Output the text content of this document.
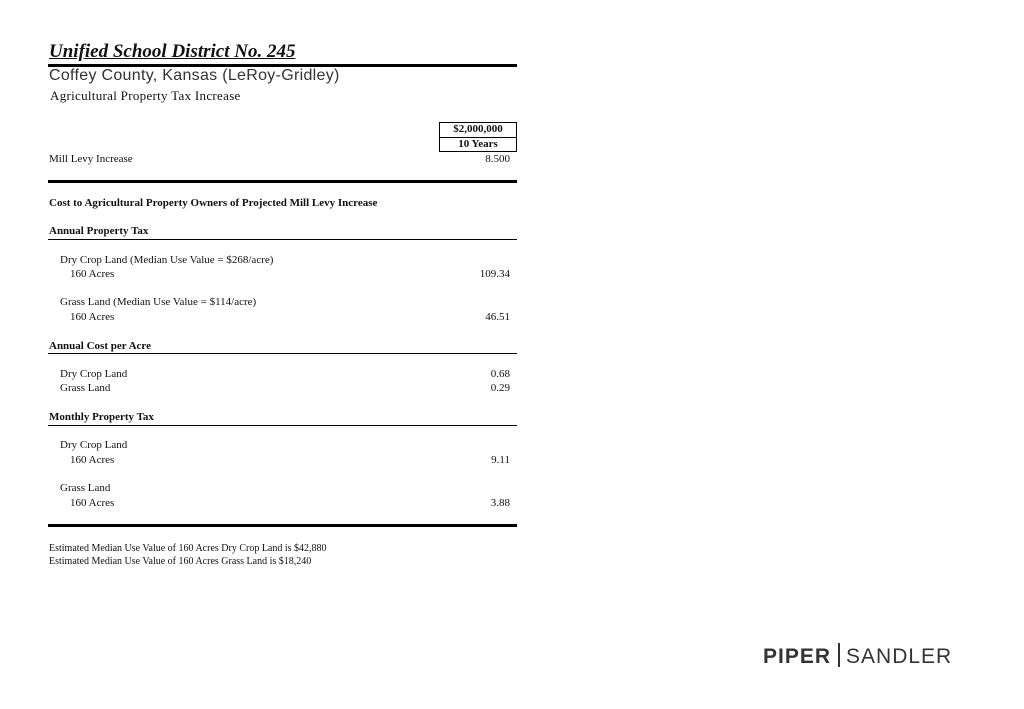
Unified School District No. 245
Coffey County, Kansas (LeRoy-Gridley)
Agricultural Property Tax Increase
$2,000,000
10 Years
Mill Levy Increase	8.500
Cost to Agricultural Property Owners of Projected Mill Levy Increase
Annual Property Tax
Dry Crop Land (Median Use Value = $268/acre)
160 Acres	109.34
Grass Land (Median Use Value = $114/acre)
160 Acres	46.51
Annual Cost per Acre
Dry Crop Land	0.68
Grass Land	0.29
Monthly Property Tax
Dry Crop Land
160 Acres	9.11
Grass Land
160 Acres	3.88
Estimated Median Use Value of 160 Acres Dry Crop Land is $42,880
Estimated Median Use Value of 160 Acres Grass Land is $18,240
PIPER SANDLER
